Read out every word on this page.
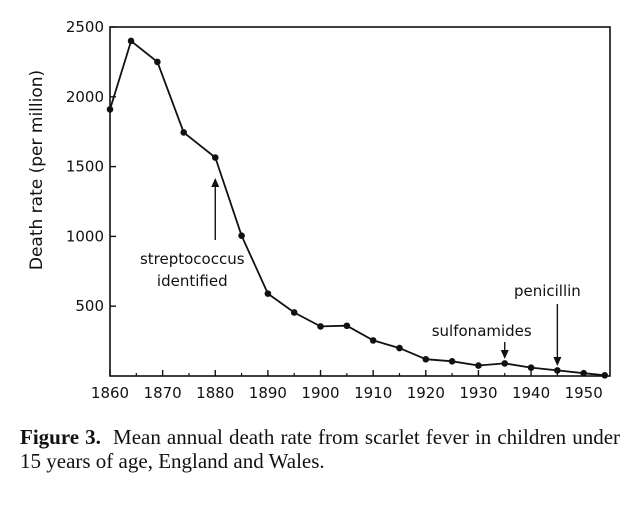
Death rate (per million)
1860 1870 1880 1890 1900 1910 1920 1930 1940 1950
500
1000
1500
2000
2500
streptococcus
identified
sulfonamides
penicillin

Figure 3. Mean annual death rate from scarlet fever in children under 15 years of age, England and Wales.
